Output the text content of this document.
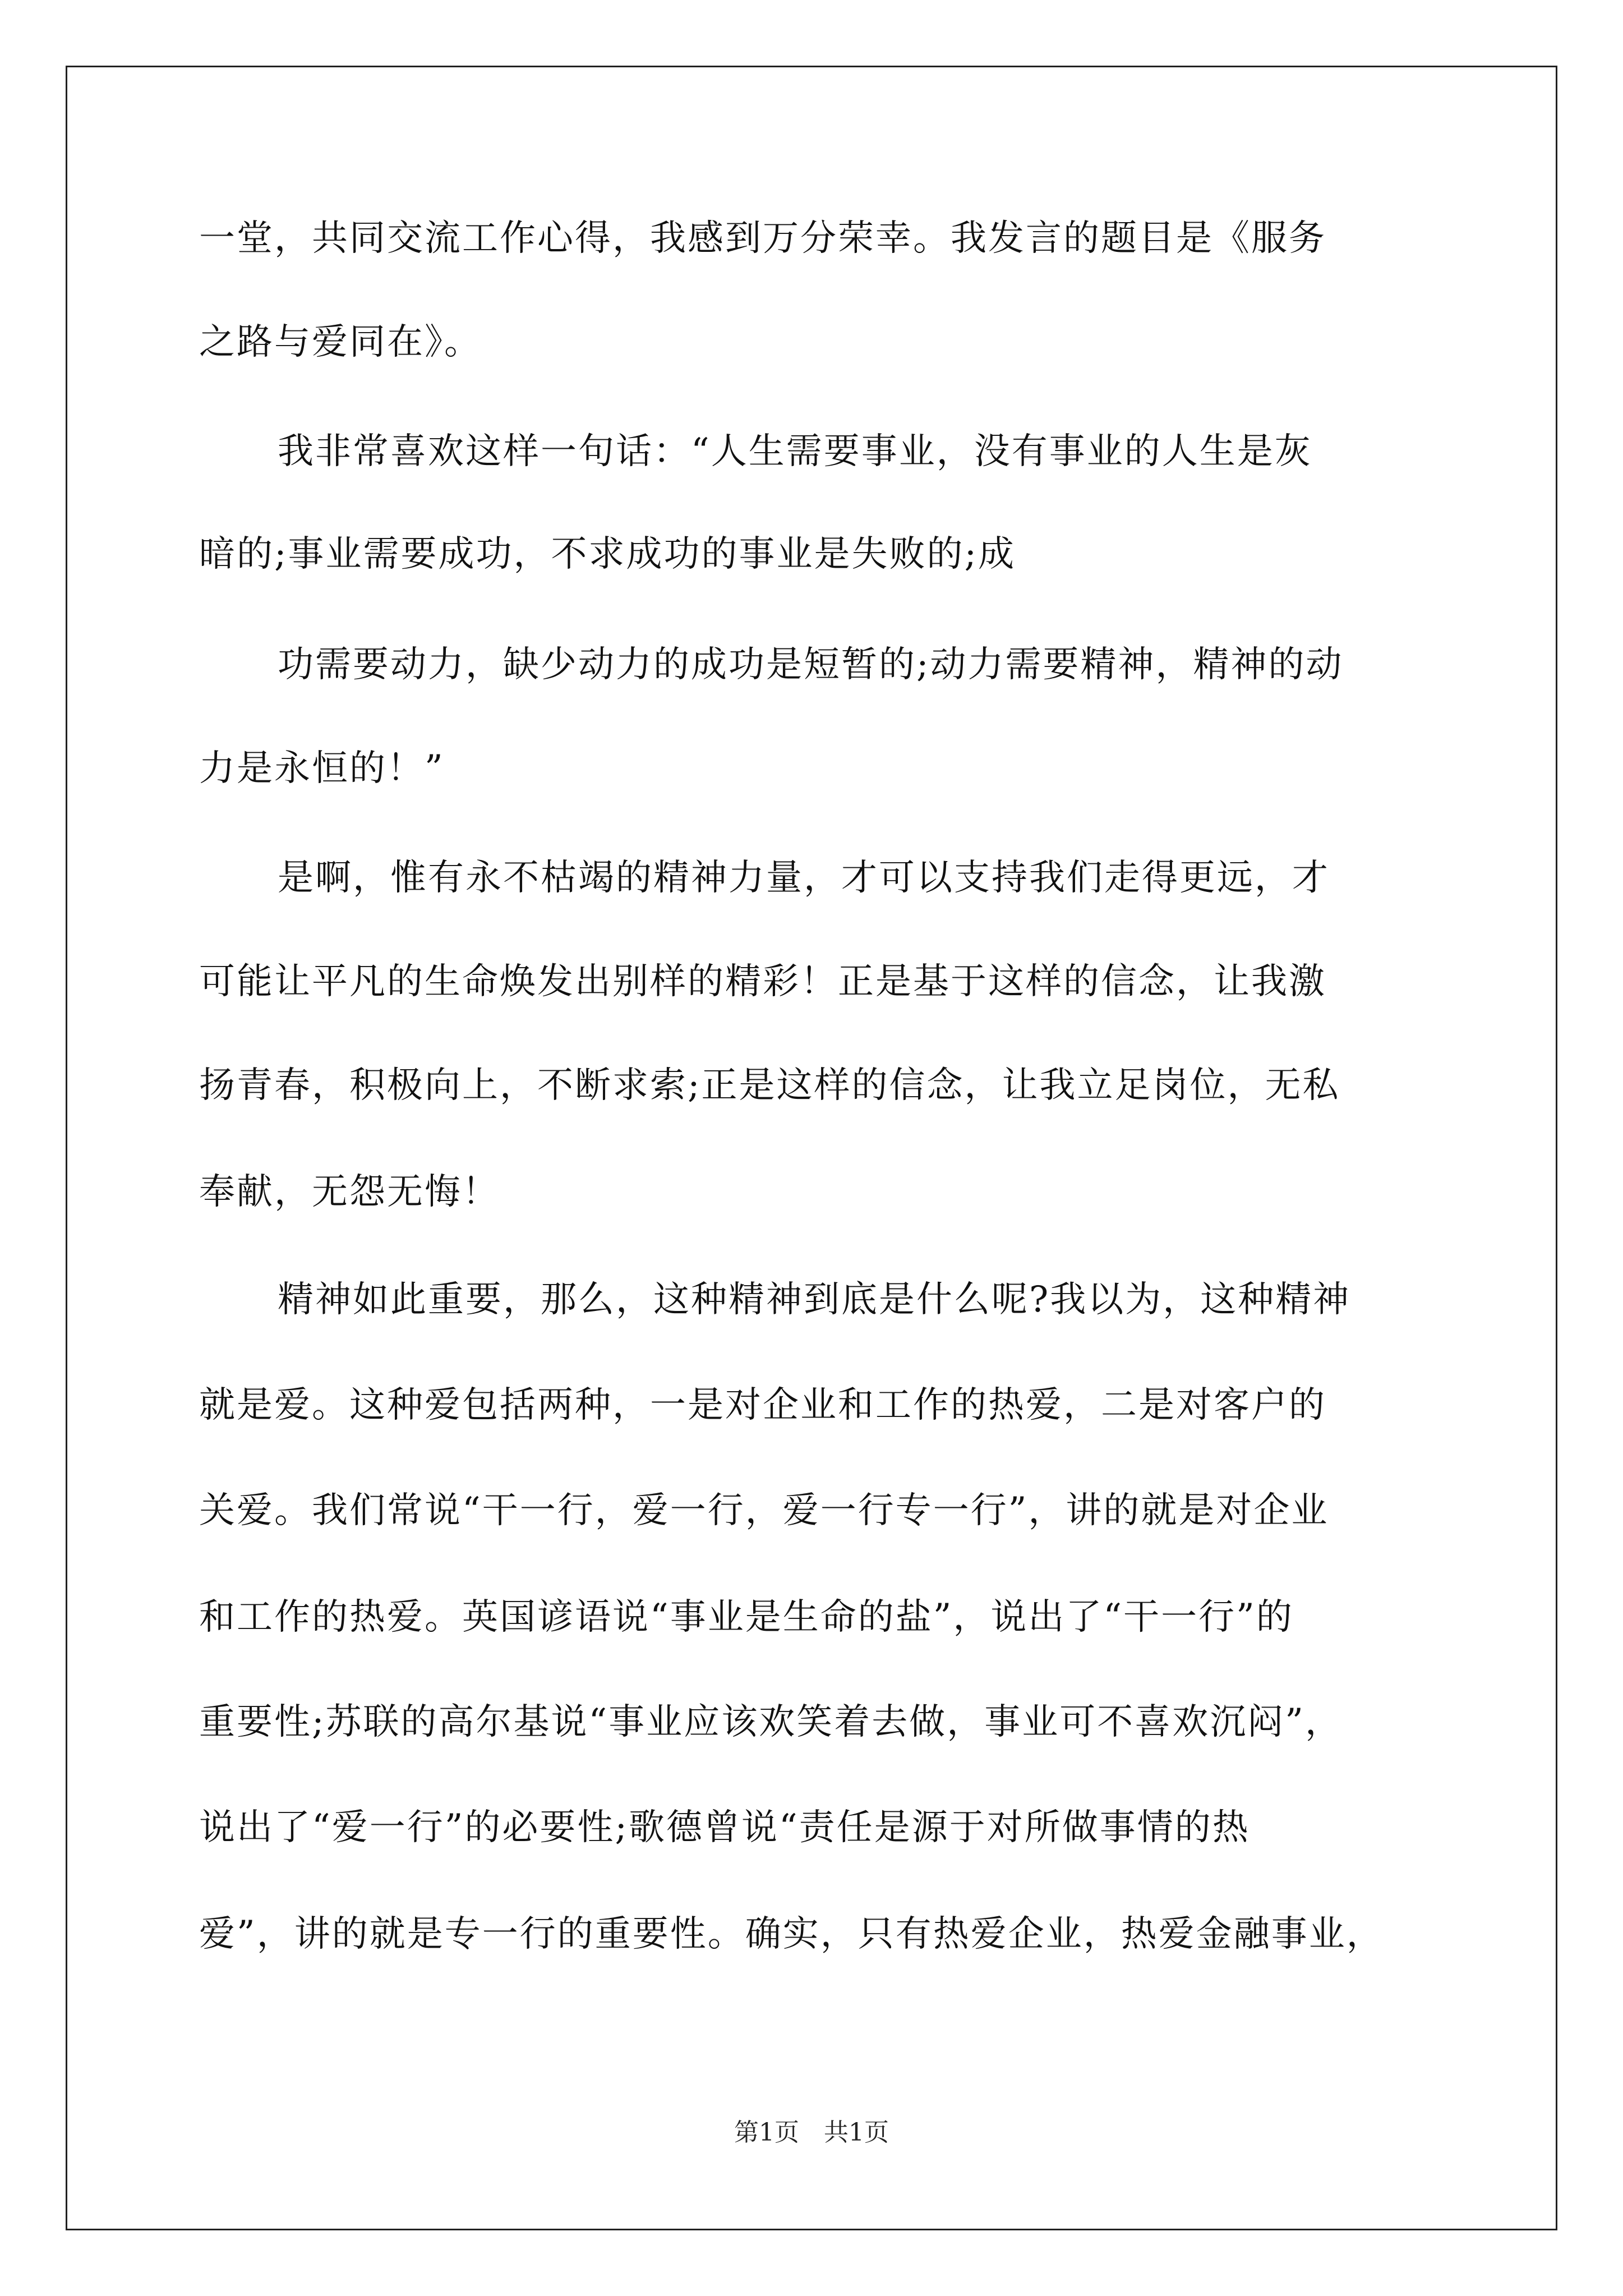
一堂，共同交流工作心得，我感到万分荣幸。我发言的题目是《服务
之路与爱同在》。
我非常喜欢这样一句话：“人生需要事业，没有事业的人生是灰
暗的;事业需要成功，不求成功的事业是失败的;成
功需要动力，缺少动力的成功是短暂的;动力需要精神，精神的动
力是永恒的！”
是啊，惟有永不枯竭的精神力量，才可以支持我们走得更远，才
可能让平凡的生命焕发出别样的精彩！正是基于这样的信念，让我激
扬青春，积极向上，不断求索;正是这样的信念，让我立足岗位，无私
奉献，无怨无悔！
精神如此重要，那么，这种精神到底是什么呢?我以为，这种精神
就是爱。这种爱包括两种，一是对企业和工作的热爱，二是对客户的
关爱。我们常说“干一行，爱一行，爱一行专一行”，讲的就是对企业
和工作的热爱。英国谚语说“事业是生命的盐”，说出了“干一行”的
重要性;苏联的高尔基说“事业应该欢笑着去做，事业可不喜欢沉闷”，
说出了“爱一行”的必要性;歌德曾说“责任是源于对所做事情的热
爱”，讲的就是专一行的重要性。确实，只有热爱企业，热爱金融事业，
第1页　共1页
